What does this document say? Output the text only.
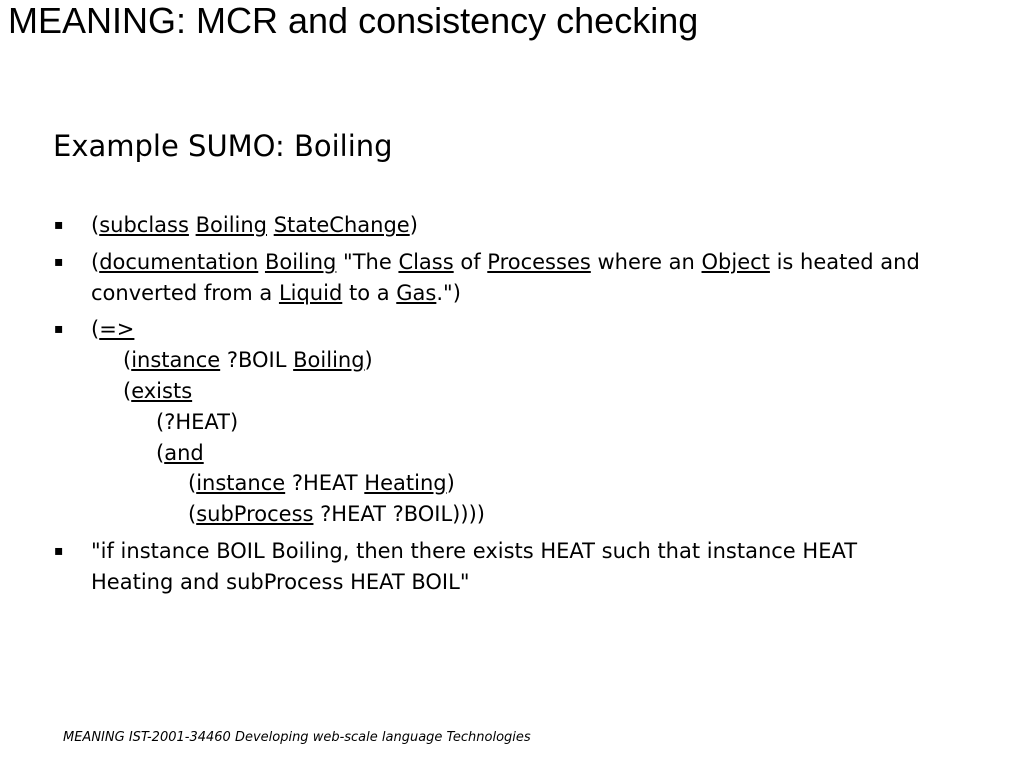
MEANING: MCR and consistency checking
Example SUMO: Boiling
▪ (subclass Boiling StateChange)
▪ (documentation Boiling "The Class of Processes where an Object is heated and
converted from a Liquid to a Gas.")
▪ (=>
(instance ?BOIL Boiling)
(exists
(?HEAT)
(and
(instance ?HEAT Heating)
(subProcess ?HEAT ?BOIL))))
▪ "if instance BOIL Boiling, then there exists HEAT such that instance HEAT
Heating and subProcess HEAT BOIL"
MEANING IST-2001-34460 Developing web-scale language Technologies
